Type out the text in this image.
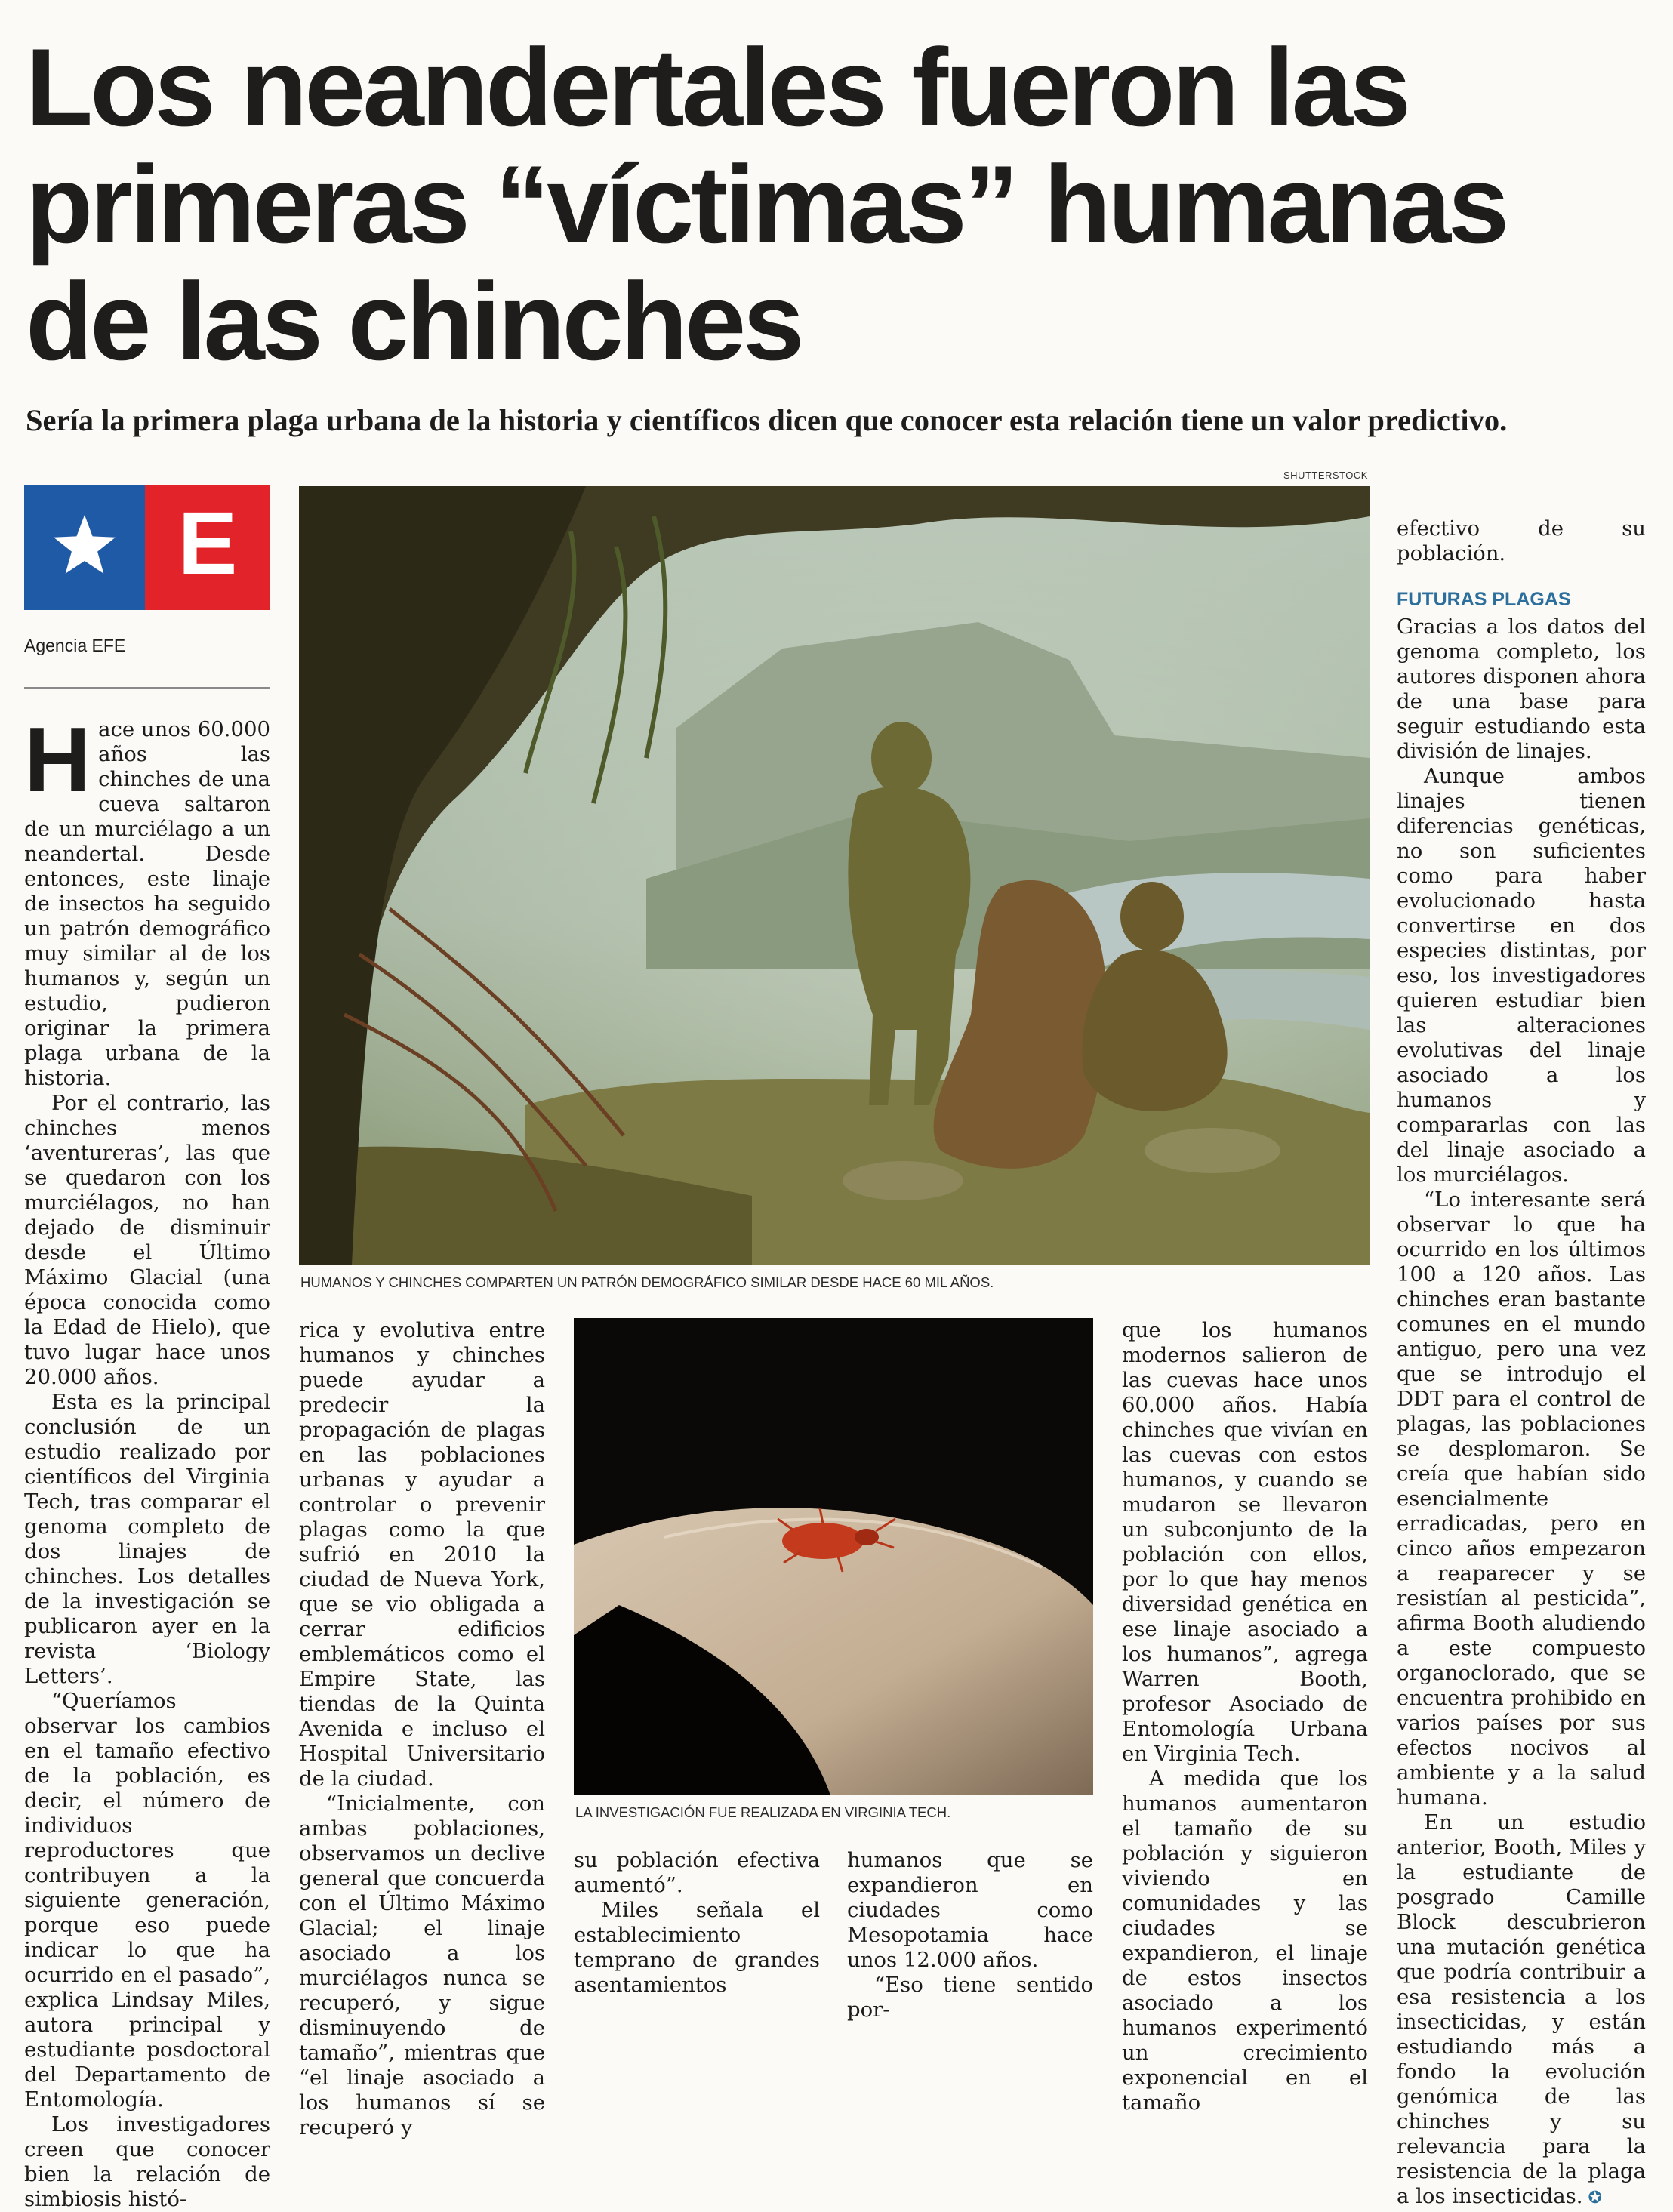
Los neandertales fueron las primeras “víctimas” humanas de las chinches

Sería la primera plaga urbana de la historia y científicos dicen que conocer esta relación tiene un valor predictivo.

E
Agencia EFE
SHUTTERSTOCK
HUMANOS Y CHINCHES COMPARTEN UN PATRÓN DEMOGRÁFICO SIMILAR DESDE HACE 60 MIL AÑOS.
LA INVESTIGACIÓN FUE REALIZADA EN VIRGINIA TECH.

Hace unos 60.000 años las chinches de una cueva saltaron de un murciélago a un neandertal. Desde entonces, este linaje de insectos ha seguido un patrón demográfico muy similar al de los humanos y, según un estudio, pudieron originar la primera plaga urbana de la historia.

Por el contrario, las chinches menos ‘aventureras’, las que se quedaron con los murciélagos, no han dejado de disminuir desde el Último Máximo Glacial (una época conocida como la Edad de Hielo), que tuvo lugar hace unos 20.000 años.

Esta es la principal conclusión de un estudio realizado por científicos del Virginia Tech, tras comparar el genoma completo de dos linajes de chinches. Los detalles de la investigación se publicaron ayer en la revista ‘Biology Letters’.

“Queríamos observar los cambios en el tamaño efectivo de la población, es decir, el número de individuos reproductores que contribuyen a la siguiente generación, porque eso puede indicar lo que ha ocurrido en el pasado”, explica Lindsay Miles, autora principal y estudiante posdoctoral del Departamento de Entomología.

Los investigadores creen que conocer bien la relación de simbiosis histó-

rica y evolutiva entre humanos y chinches puede ayudar a predecir la propagación de plagas en las poblaciones urbanas y ayudar a controlar o prevenir plagas como la que sufrió en 2010 la ciudad de Nueva York, que se vio obligada a cerrar edificios emblemáticos como el Empire State, las tiendas de la Quinta Avenida e incluso el Hospital Universitario de la ciudad.

“Inicialmente, con ambas poblaciones, observamos un declive general que concuerda con el Último Máximo Glacial; el linaje asociado a los murciélagos nunca se recuperó, y sigue disminuyendo de tamaño”, mientras que “el linaje asociado a los humanos sí se recuperó y

su población efectiva aumentó”.

Miles señala el establecimiento temprano de grandes asentamientos

humanos que se expandieron en ciudades como Mesopotamia hace unos 12.000 años.

“Eso tiene sentido por-

que los humanos modernos salieron de las cuevas hace unos 60.000 años. Había chinches que vivían en las cuevas con estos humanos, y cuando se mudaron se llevaron un subconjunto de la población con ellos, por lo que hay menos diversidad genética en ese linaje asociado a los humanos”, agrega Warren Booth, profesor Asociado de Entomología Urbana en Virginia Tech.

A medida que los humanos aumentaron el tamaño de su población y siguieron viviendo en comunidades y las ciudades se expandieron, el linaje de estos insectos asociado a los humanos experimentó un crecimiento exponencial en el tamaño

efectivo de su población.

FUTURAS PLAGAS

Gracias a los datos del genoma completo, los autores disponen ahora de una base para seguir estudiando esta división de linajes.

Aunque ambos linajes tienen diferencias genéticas, no son suficientes como para haber evolucionado hasta convertirse en dos especies distintas, por eso, los investigadores quieren estudiar bien las alteraciones evolutivas del linaje asociado a los humanos y compararlas con las del linaje asociado a los murciélagos.

“Lo interesante será observar lo que ha ocurrido en los últimos 100 a 120 años. Las chinches eran bastante comunes en el mundo antiguo, pero una vez que se introdujo el DDT para el control de plagas, las poblaciones se desplomaron. Se creía que habían sido esencialmente erradicadas, pero en cinco años empezaron a reaparecer y se resistían al pesticida”, afirma Booth aludiendo a este compuesto organoclorado, que se encuentra prohibido en varios países por sus efectos nocivos al ambiente y a la salud humana.

En un estudio anterior, Booth, Miles y la estudiante de posgrado Camille Block descubrieron una mutación genética que podría contribuir a esa resistencia a los insecticidas, y están estudiando más a fondo la evolución genómica de las chinches y su relevancia para la resistencia de la plaga a los insecticidas. ✪
